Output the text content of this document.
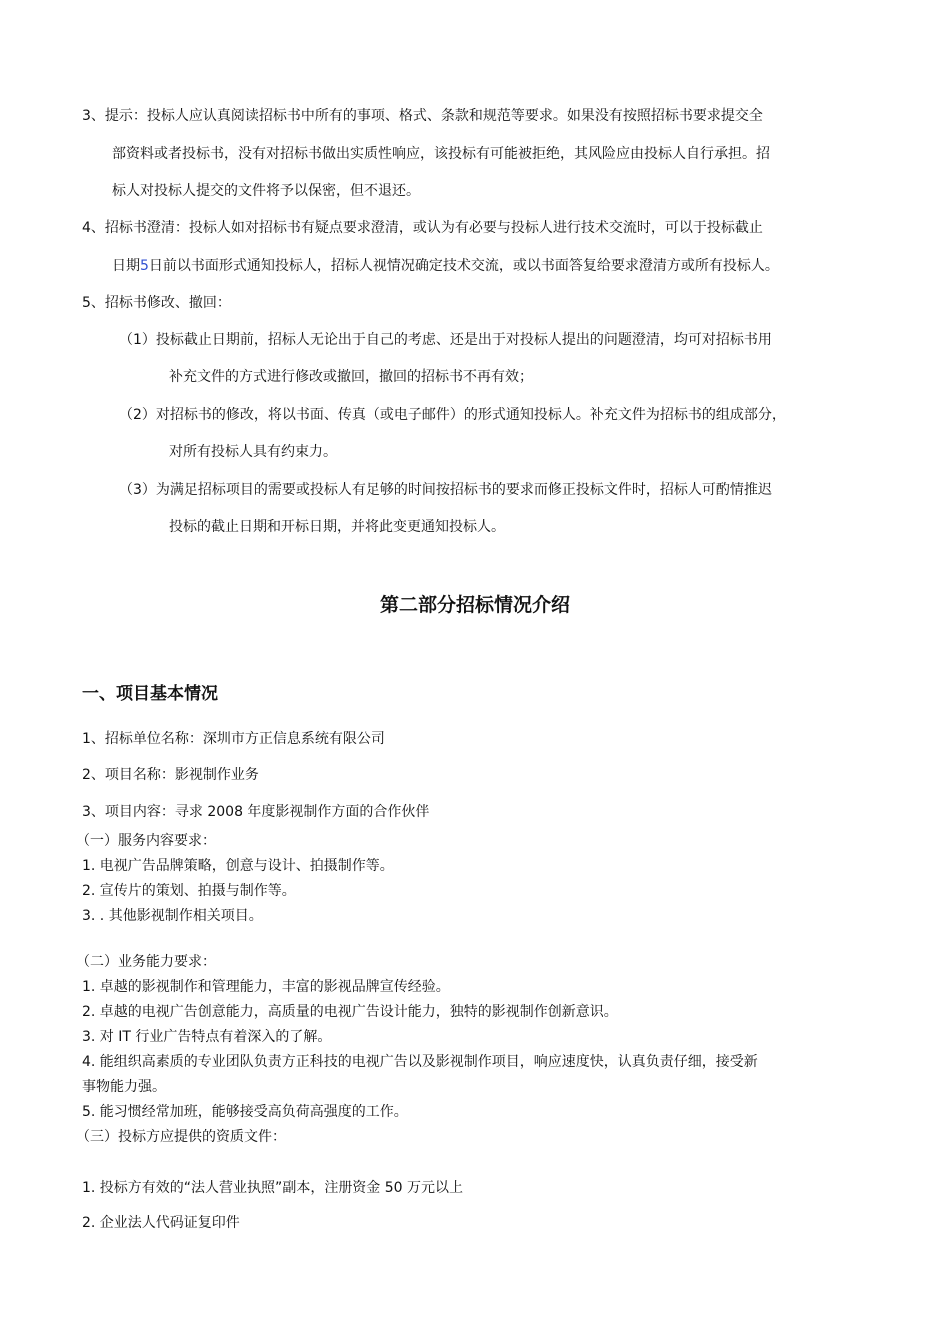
3、提示：投标人应认真阅读招标书中所有的事项、格式、条款和规范等要求。如果没有按照招标书要求提交全
部资料或者投标书，没有对招标书做出实质性响应，该投标有可能被拒绝，其风险应由投标人自行承担。招
标人对投标人提交的文件将予以保密，但不退还。
4、招标书澄清：投标人如对招标书有疑点要求澄清，或认为有必要与投标人进行技术交流时，可以于投标截止
日期5日前以书面形式通知投标人，招标人视情况确定技术交流，或以书面答复给要求澄清方或所有投标人。
5、招标书修改、撤回：
（1）投标截止日期前，招标人无论出于自己的考虑、还是出于对投标人提出的问题澄清，均可对招标书用
补充文件的方式进行修改或撤回，撤回的招标书不再有效；
（2）对招标书的修改，将以书面、传真（或电子邮件）的形式通知投标人。补充文件为招标书的组成部分，
对所有投标人具有约束力。
（3）为满足招标项目的需要或投标人有足够的时间按招标书的要求而修正投标文件时，招标人可酌情推迟
投标的截止日期和开标日期，并将此变更通知投标人。
第二部分招标情况介绍
一、项目基本情况
1、招标单位名称：深圳市方正信息系统有限公司
2、项目名称：影视制作业务
3、项目内容：寻求 2008 年度影视制作方面的合作伙伴
（一）服务内容要求：
1. 电视广告品牌策略，创意与设计、拍摄制作等。
2. 宣传片的策划、拍摄与制作等。
3. . 其他影视制作相关项目。
（二）业务能力要求：
1. 卓越的影视制作和管理能力，丰富的影视品牌宣传经验。
2. 卓越的电视广告创意能力，高质量的电视广告设计能力，独特的影视制作创新意识。
3. 对 IT 行业广告特点有着深入的了解。
4. 能组织高素质的专业团队负责方正科技的电视广告以及影视制作项目，响应速度快，认真负责仔细，接受新
事物能力强。
5. 能习惯经常加班，能够接受高负荷高强度的工作。
（三）投标方应提供的资质文件：
1. 投标方有效的“法人营业执照”副本，注册资金 50 万元以上
2. 企业法人代码证复印件
